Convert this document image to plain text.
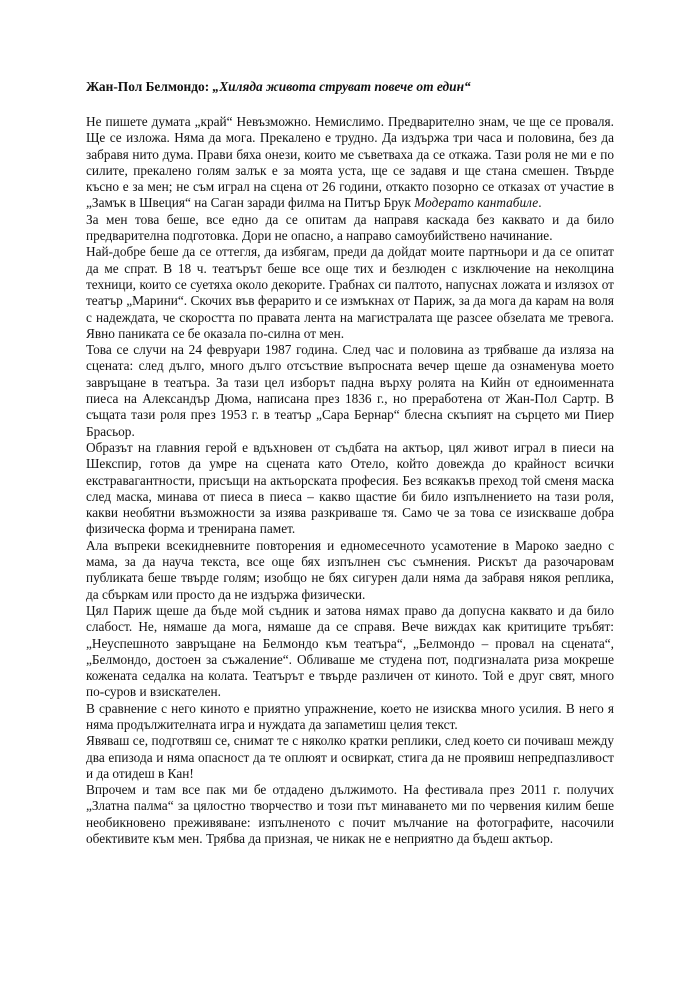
Жан-Пол Белмондо: „Хиляда живота струват повече от един“

Не пишете думата „край“ Невъзможно. Немислимо. Предварително знам, че ще се проваля. Ще се изложа. Няма да мога. Прекалено е трудно. Да издържа три часа и половина, без да забравя нито дума. Прави бяха онези, които ме съветваха да се откажа. Тази роля не ми е по силите, прекалено голям залък е за моята уста, ще се задавя и ще стана смешен. Твърде късно е за мен; не съм играл на сцена от 26 години, откакто позорно се отказах от участие в „Замък в Швеция“ на Саган заради филма на Питър Брук Модерато кантабиле.

За мен това беше, все едно да се опитам да направя каскада без каквато и да било предварителна подготовка. Дори не опасно, а направо самоубийствено начинание.

Най-добре беше да се оттегля, да избягам, преди да дойдат моите партньори и да се опитат да ме спрат. В 18 ч. театърът беше все още тих и безлюден с изключение на неколцина техници, които се суетяха около декорите. Грабнах си палтото, напуснах ложата и излязох от театър „Марини“. Скочих във ферарито и се измъкнах от Париж, за да мога да карам на воля с надеждата, че скоростта по правата лента на магистралата ще разсее обзелата ме тревога. Явно паниката се бе оказала по-силна от мен.

Това се случи на 24 февруари 1987 година. След час и половина аз трябваше да изляза на сцената: след дълго, много дълго отсъствие въпросната вечер щеше да ознаменува моето завръщане в театъра. За тази цел изборът падна върху ролята на Кийн от едноименната пиеса на Александър Дюма, написана през 1836 г., но преработена от Жан-Пол Сартр. В същата тази роля през 1953 г. в театър „Сара Бернар“ блесна скъпият на сърцето ми Пиер Брасьор.

Образът на главния герой е вдъхновен от съдбата на актьор, цял живот играл в пиеси на Шекспир, готов да умре на сцената като Отело, който довежда до крайност всички екстравагантности, присъщи на актьорската професия. Без всякакъв преход той сменя маска след маска, минава от пиеса в пиеса – какво щастие би било изпълнението на тази роля, какви необятни възможности за изява разкриваше тя. Само че за това се изискваше добра физическа форма и тренирана памет.

Ала въпреки всекидневните повторения и едномесечното усамотение в Мароко заедно с мама, за да науча текста, все още бях изпълнен със съмнения. Рискът да разочаровам публиката беше твърде голям; изобщо не бях сигурен дали няма да забравя някоя реплика, да сбъркам или просто да не издържа физически.

Цял Париж щеше да бъде мой съдник и затова нямах право да допусна каквато и да било слабост. Не, нямаше да мога, нямаше да се справя. Вече виждах как критиците тръбят: „Неуспешното завръщане на Белмондо към театъра“, „Белмондо – провал на сцената“, „Белмондо, достоен за съжаление“. Обливаше ме студена пот, подгизналата риза мокреше кожената седалка на колата. Театърът е твърде различен от киното. Той е друг свят, много по-суров и взискателен.

В сравнение с него киното е приятно упражнение, което не изисква много усилия. В него я няма продължителната игра и нуждата да запаметиш целия текст.

Явяваш се, подготвяш се, снимат те с няколко кратки реплики, след което си почиваш между два епизода и няма опасност да те оплюят и освиркат, стига да не проявиш непредпазливост и да отидеш в Кан!

Впрочем и там все пак ми бе отдадено дължимото. На фестивала през 2011 г. получих „Златна палма“ за цялостно творчество и този път минаването ми по червения килим беше необикновено преживяване: изпълненото с почит мълчание на фотографите, насочили обективите към мен. Трябва да призная, че никак не е неприятно да бъдеш актьор.
